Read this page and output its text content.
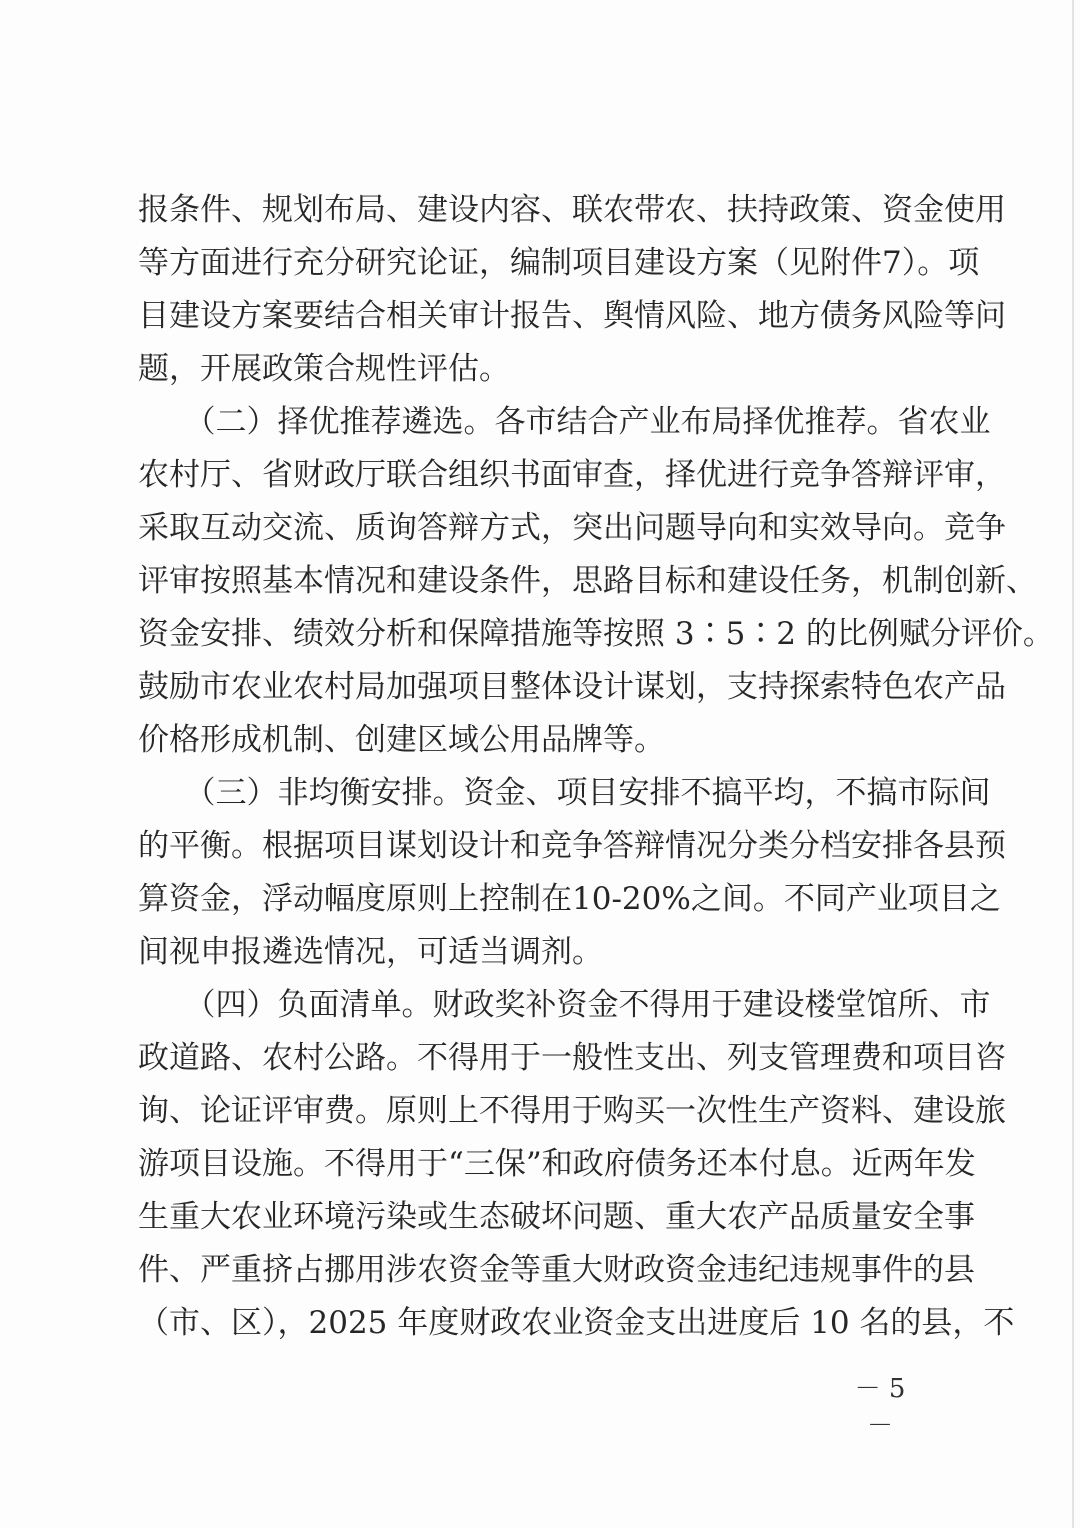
报条件、规划布局、建设内容、联农带农、扶持政策、资金使用
等方面进行充分研究论证，编制项目建设方案（见附件7）。项
目建设方案要结合相关审计报告、舆情风险、地方债务风险等问
题，开展政策合规性评估。
　　（二）择优推荐遴选。各市结合产业布局择优推荐。省农业
农村厅、省财政厅联合组织书面审查，择优进行竞争答辩评审，
采取互动交流、质询答辩方式，突出问题导向和实效导向。竞争
评审按照基本情况和建设条件，思路目标和建设任务，机制创新、
资金安排、绩效分析和保障措施等按照 3∶5∶2 的比例赋分评价。
鼓励市农业农村局加强项目整体设计谋划，支持探索特色农产品
价格形成机制、创建区域公用品牌等。
　　（三）非均衡安排。资金、项目安排不搞平均，不搞市际间
的平衡。根据项目谋划设计和竞争答辩情况分类分档安排各县预
算资金，浮动幅度原则上控制在10-20%之间。不同产业项目之
间视申报遴选情况，可适当调剂。
　　（四）负面清单。财政奖补资金不得用于建设楼堂馆所、市
政道路、农村公路。不得用于一般性支出、列支管理费和项目咨
询、论证评审费。原则上不得用于购买一次性生产资料、建设旅
游项目设施。不得用于“三保”和政府债务还本付息。近两年发
生重大农业环境污染或生态破坏问题、重大农产品质量安全事
件、严重挤占挪用涉农资金等重大财政资金违纪违规事件的县
（市、区），2025 年度财政农业资金支出进度后 10 名的县，不
－ 5 －
